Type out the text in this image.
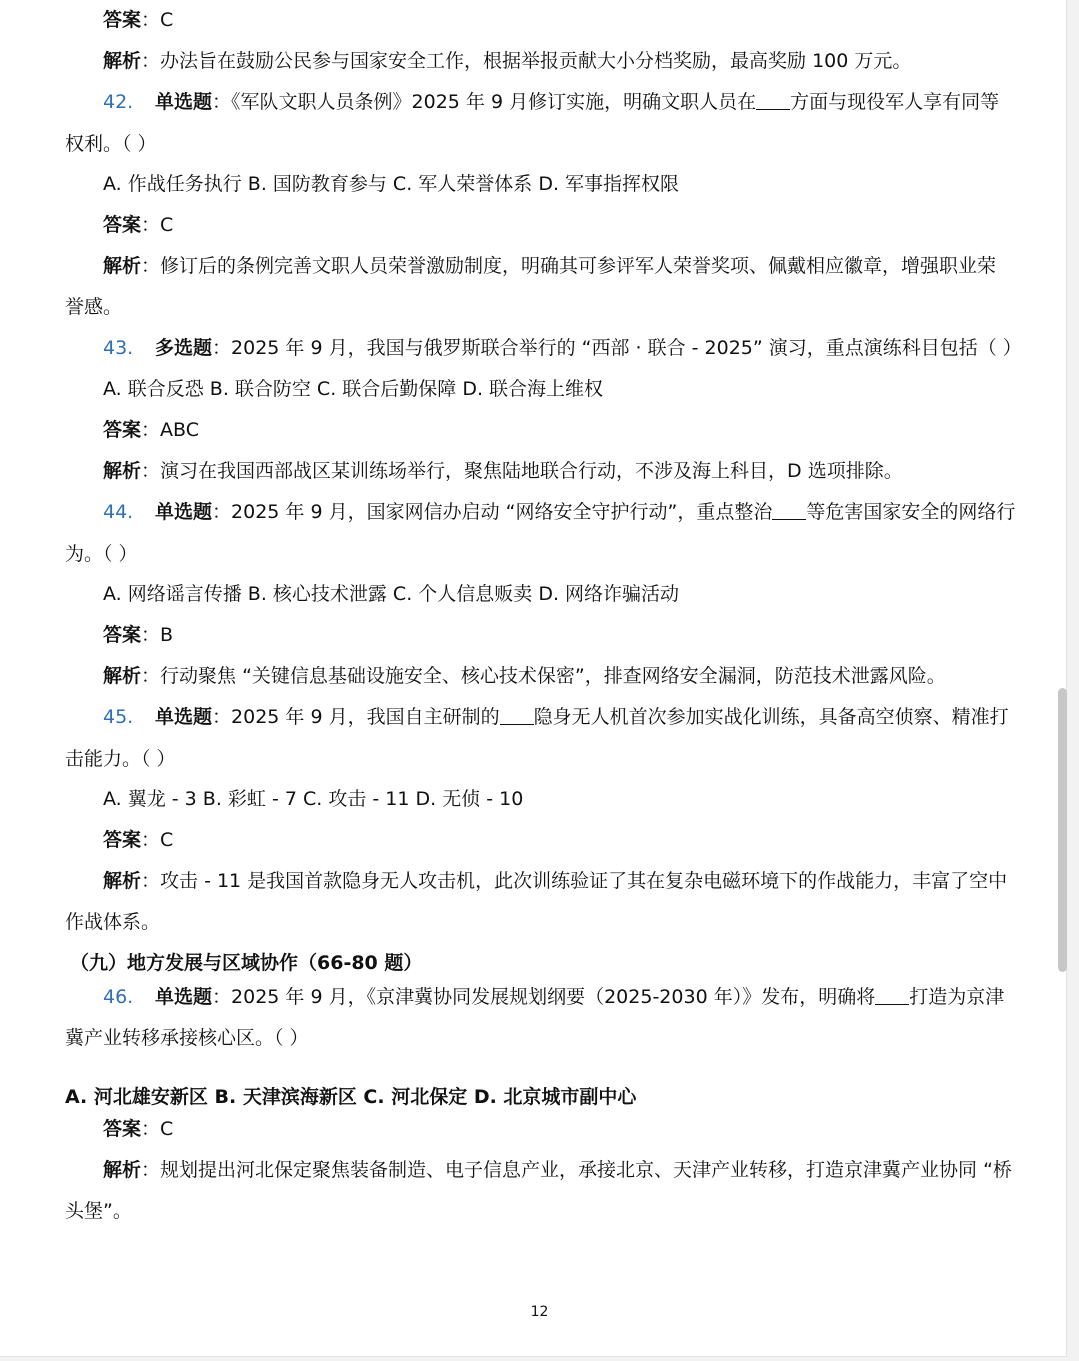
答案：C
解析：办法旨在鼓励公民参与国家安全工作，根据举报贡献大小分档奖励，最高奖励 100 万元。
42. 单选题：《军队文职人员条例》2025 年 9 月修订实施，明确文职人员在 方面与现役军人享有同等
权利。（ ）
A. 作战任务执行 B. 国防教育参与 C. 军人荣誉体系 D. 军事指挥权限
答案：C
解析：修订后的条例完善文职人员荣誉激励制度，明确其可参评军人荣誉奖项、佩戴相应徽章，增强职业荣
誉感。
43. 多选题：2025 年 9 月，我国与俄罗斯联合举行的 “西部 · 联合 - 2025” 演习，重点演练科目包括（ ）
A. 联合反恐 B. 联合防空 C. 联合后勤保障 D. 联合海上维权
答案：ABC
解析：演习在我国西部战区某训练场举行，聚焦陆地联合行动，不涉及海上科目，D 选项排除。
44. 单选题：2025 年 9 月，国家网信办启动 “网络安全守护行动”，重点整治 等危害国家安全的网络行
为。（ ）
A. 网络谣言传播 B. 核心技术泄露 C. 个人信息贩卖 D. 网络诈骗活动
答案：B
解析：行动聚焦 “关键信息基础设施安全、核心技术保密”，排查网络安全漏洞，防范技术泄露风险。
45. 单选题：2025 年 9 月，我国自主研制的 隐身无人机首次参加实战化训练，具备高空侦察、精准打
击能力。（ ）
A. 翼龙 - 3 B. 彩虹 - 7 C. 攻击 - 11 D. 无侦 - 10
答案：C
解析：攻击 - 11 是我国首款隐身无人攻击机，此次训练验证了其在复杂电磁环境下的作战能力，丰富了空中
作战体系。
（九）地方发展与区域协作（66-80 题）
46. 单选题：2025 年 9 月，《京津冀协同发展规划纲要（2025-2030 年）》发布，明确将 打造为京津
冀产业转移承接核心区。（ ）
A. 河北雄安新区 B. 天津滨海新区 C. 河北保定 D. 北京城市副中心
答案：C
解析：规划提出河北保定聚焦装备制造、电子信息产业，承接北京、天津产业转移，打造京津冀产业协同 “桥
头堡”。
12
